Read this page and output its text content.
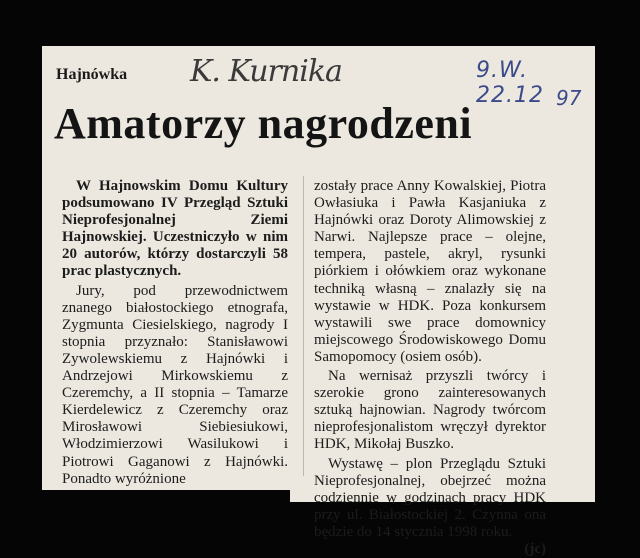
Hajnówka K. Kurnika	9.W. 22.12 97
Amatorzy nagrodzeni

W Hajnowskim Domu Kultury podsumowano IV Przegląd Sztuki Nieprofesjonalnej Ziemi Hajnowskiej. Uczestniczyło w nim 20 autorów, którzy dostarczyli 58 prac plastycznych.

Jury, pod przewodnictwem znanego białostockiego etnografa, Zygmunta Ciesielskiego, nagrody I stopnia przyznało: Stanisławowi Zywolewskiemu z Hajnówki i Andrzejowi Mirkowskiemu z Czeremchy, a II stopnia – Tamarze Kierdelewicz z Czeremchy oraz Mirosławowi Siebiesiukowi, Włodzimierzowi Wasilukowi i Piotrowi Gaganowi z Hajnówki. Ponadto wyróżnione

zostały prace Anny Kowalskiej, Piotra Owłasiuka i Pawła Kasjaniuka z Hajnówki oraz Doroty Alimowskiej z Narwi. Najlepsze prace – olejne, tempera, pastele, akryl, rysunki piórkiem i ołówkiem oraz wykonane techniką własną – znalazły się na wystawie w HDK. Poza konkursem wystawili swe prace domownicy miejscowego Środowiskowego Domu Samopomocy (osiem osób).

Na wernisaż przyszli twórcy i szerokie grono zainteresowanych sztuką hajnowian. Nagrody twórcom nieprofesjonalistom wręczył dyrektor HDK, Mikołaj Buszko.

Wystawę – plon Przeglądu Sztuki Nieprofesjonalnej, obejrzeć można codziennie w godzinach pracy HDK przy ul. Białostockiej 2. Czynna ona będzie do 14 stycznia 1998 roku.
(jc)
